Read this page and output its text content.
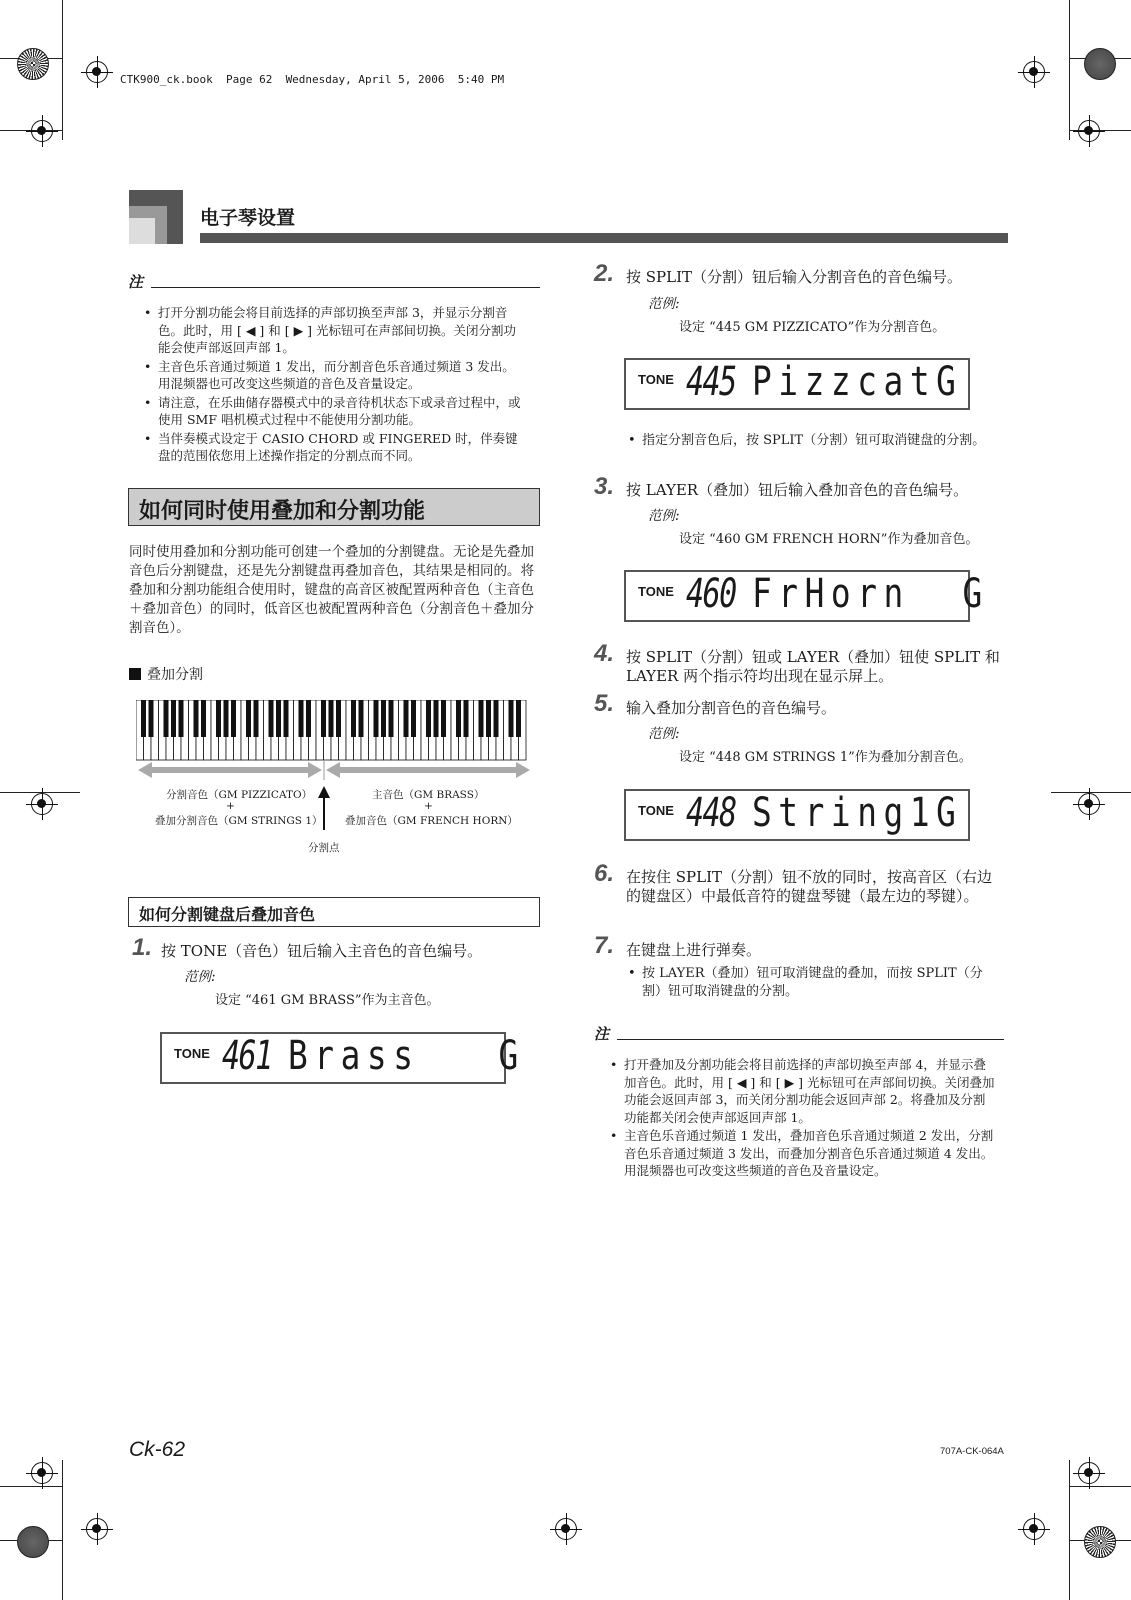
CTK900_ck.book  Page 62  Wednesday, April 5, 2006  5:40 PM
电子琴设置
注
• 打开分割功能会将目前选择的声部切换至声部 3，并显示分割音色。此时，用 [ ◀ ] 和 [ ▶ ] 光标钮可在声部间切换。关闭分割功能会使声部返回声部 1。
• 主音色乐音通过频道 1 发出，而分割音色乐音通过频道 3 发出。用混频器也可改变这些频道的音色及音量设定。
• 请注意，在乐曲储存器模式中的录音待机状态下或录音过程中，或使用 SMF 唱机模式过程中不能使用分割功能。
• 当伴奏模式设定于 CASIO CHORD 或 FINGERED 时，伴奏键盘的范围依您用上述操作指定的分割点而不同。
如何同时使用叠加和分割功能
同时使用叠加和分割功能可创建一个叠加的分割键盘。无论是先叠加音色后分割键盘，还是先分割键盘再叠加音色，其结果是相同的。将叠加和分割功能组合使用时，键盘的高音区被配置两种音色（主音色＋叠加音色）的同时，低音区也被配置两种音色（分割音色＋叠加分割音色）。
叠加分割
分割音色（GM PIZZICATO）
+
叠加分割音色（GM STRINGS 1）
主音色（GM BRASS）
+
叠加音色（GM FRENCH HORN）
分割点
如何分割键盘后叠加音色
1. 按 TONE（音色）钮后输入主音色的音色编号。
范例:
设定 “461 GM BRASS”作为主音色。
TONE 461 Brass   G
2. 按 SPLIT（分割）钮后输入分割音色的音色编号。
范例:
设定 “445 GM PIZZICATO”作为分割音色。
TONE 445 PizzcatG
• 指定分割音色后，按 SPLIT（分割）钮可取消键盘的分割。
3. 按 LAYER（叠加）钮后输入叠加音色的音色编号。
范例:
设定 “460 GM FRENCH HORN”作为叠加音色。
TONE 460 FrHorn  G
4. 按 SPLIT（分割）钮或 LAYER（叠加）钮使 SPLIT 和 LAYER 两个指示符均出现在显示屏上。
5. 输入叠加分割音色的音色编号。
范例:
设定 “448 GM STRINGS 1”作为叠加分割音色。
TONE 448 String1G
6. 在按住 SPLIT（分割）钮不放的同时，按高音区（右边的键盘区）中最低音符的键盘琴键（最左边的琴键）。
7. 在键盘上进行弹奏。
• 按 LAYER（叠加）钮可取消键盘的叠加，而按 SPLIT（分割）钮可取消键盘的分割。
注
• 打开叠加及分割功能会将目前选择的声部切换至声部 4，并显示叠加音色。此时，用 [ ◀ ] 和 [ ▶ ] 光标钮可在声部间切换。关闭叠加功能会返回声部 3，而关闭分割功能会返回声部 2。将叠加及分割功能都关闭会使声部返回声部 1。
• 主音色乐音通过频道 1 发出，叠加音色乐音通过频道 2 发出，分割音色乐音通过频道 3 发出，而叠加分割音色乐音通过频道 4 发出。用混频器也可改变这些频道的音色及音量设定。
Ck-62	707A-CK-064A
